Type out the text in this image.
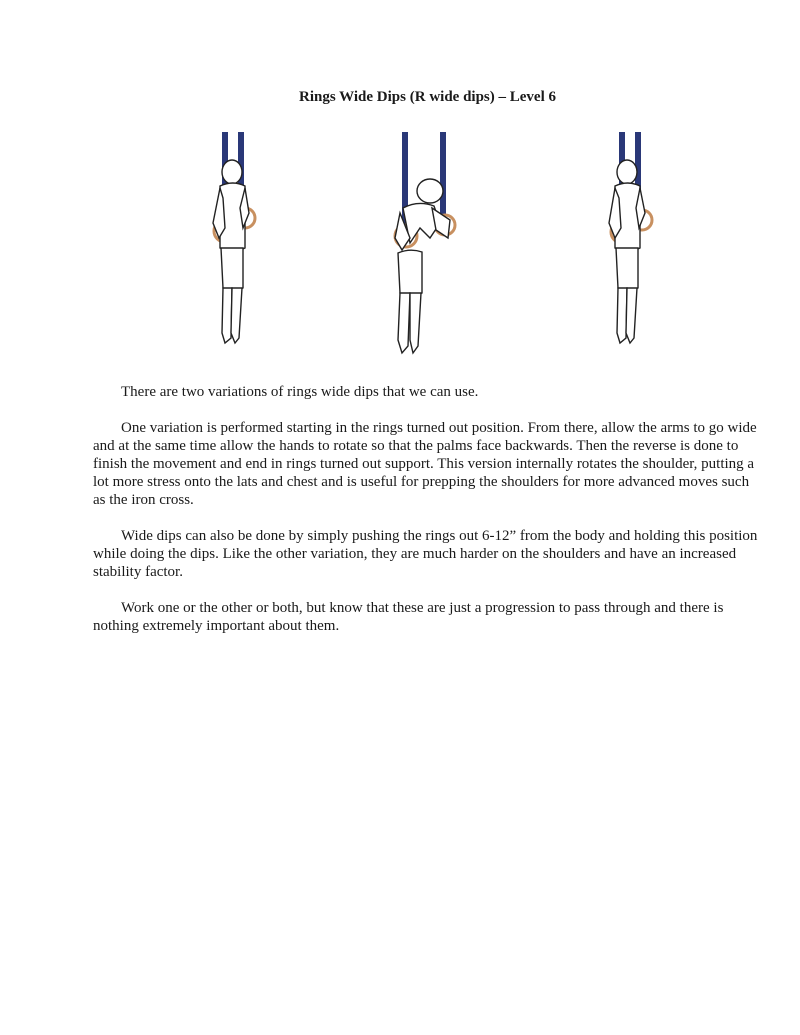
Rings Wide Dips (R wide dips) – Level 6

There are two variations of rings wide dips that we can use.

One variation is performed starting in the rings turned out position. From there, allow the arms to go wide and at the same time allow the hands to rotate so that the palms face backwards. Then the reverse is done to finish the movement and end in rings turned out support. This version internally rotates the shoulder, putting a lot more stress onto the lats and chest and is useful for prepping the shoulders for more advanced moves such as the iron cross.

Wide dips can also be done by simply pushing the rings out 6-12” from the body and holding this position while doing the dips. Like the other variation, they are much harder on the shoulders and have an increased stability factor.

Work one or the other or both, but know that these are just a progression to pass through and there is nothing extremely important about them.
